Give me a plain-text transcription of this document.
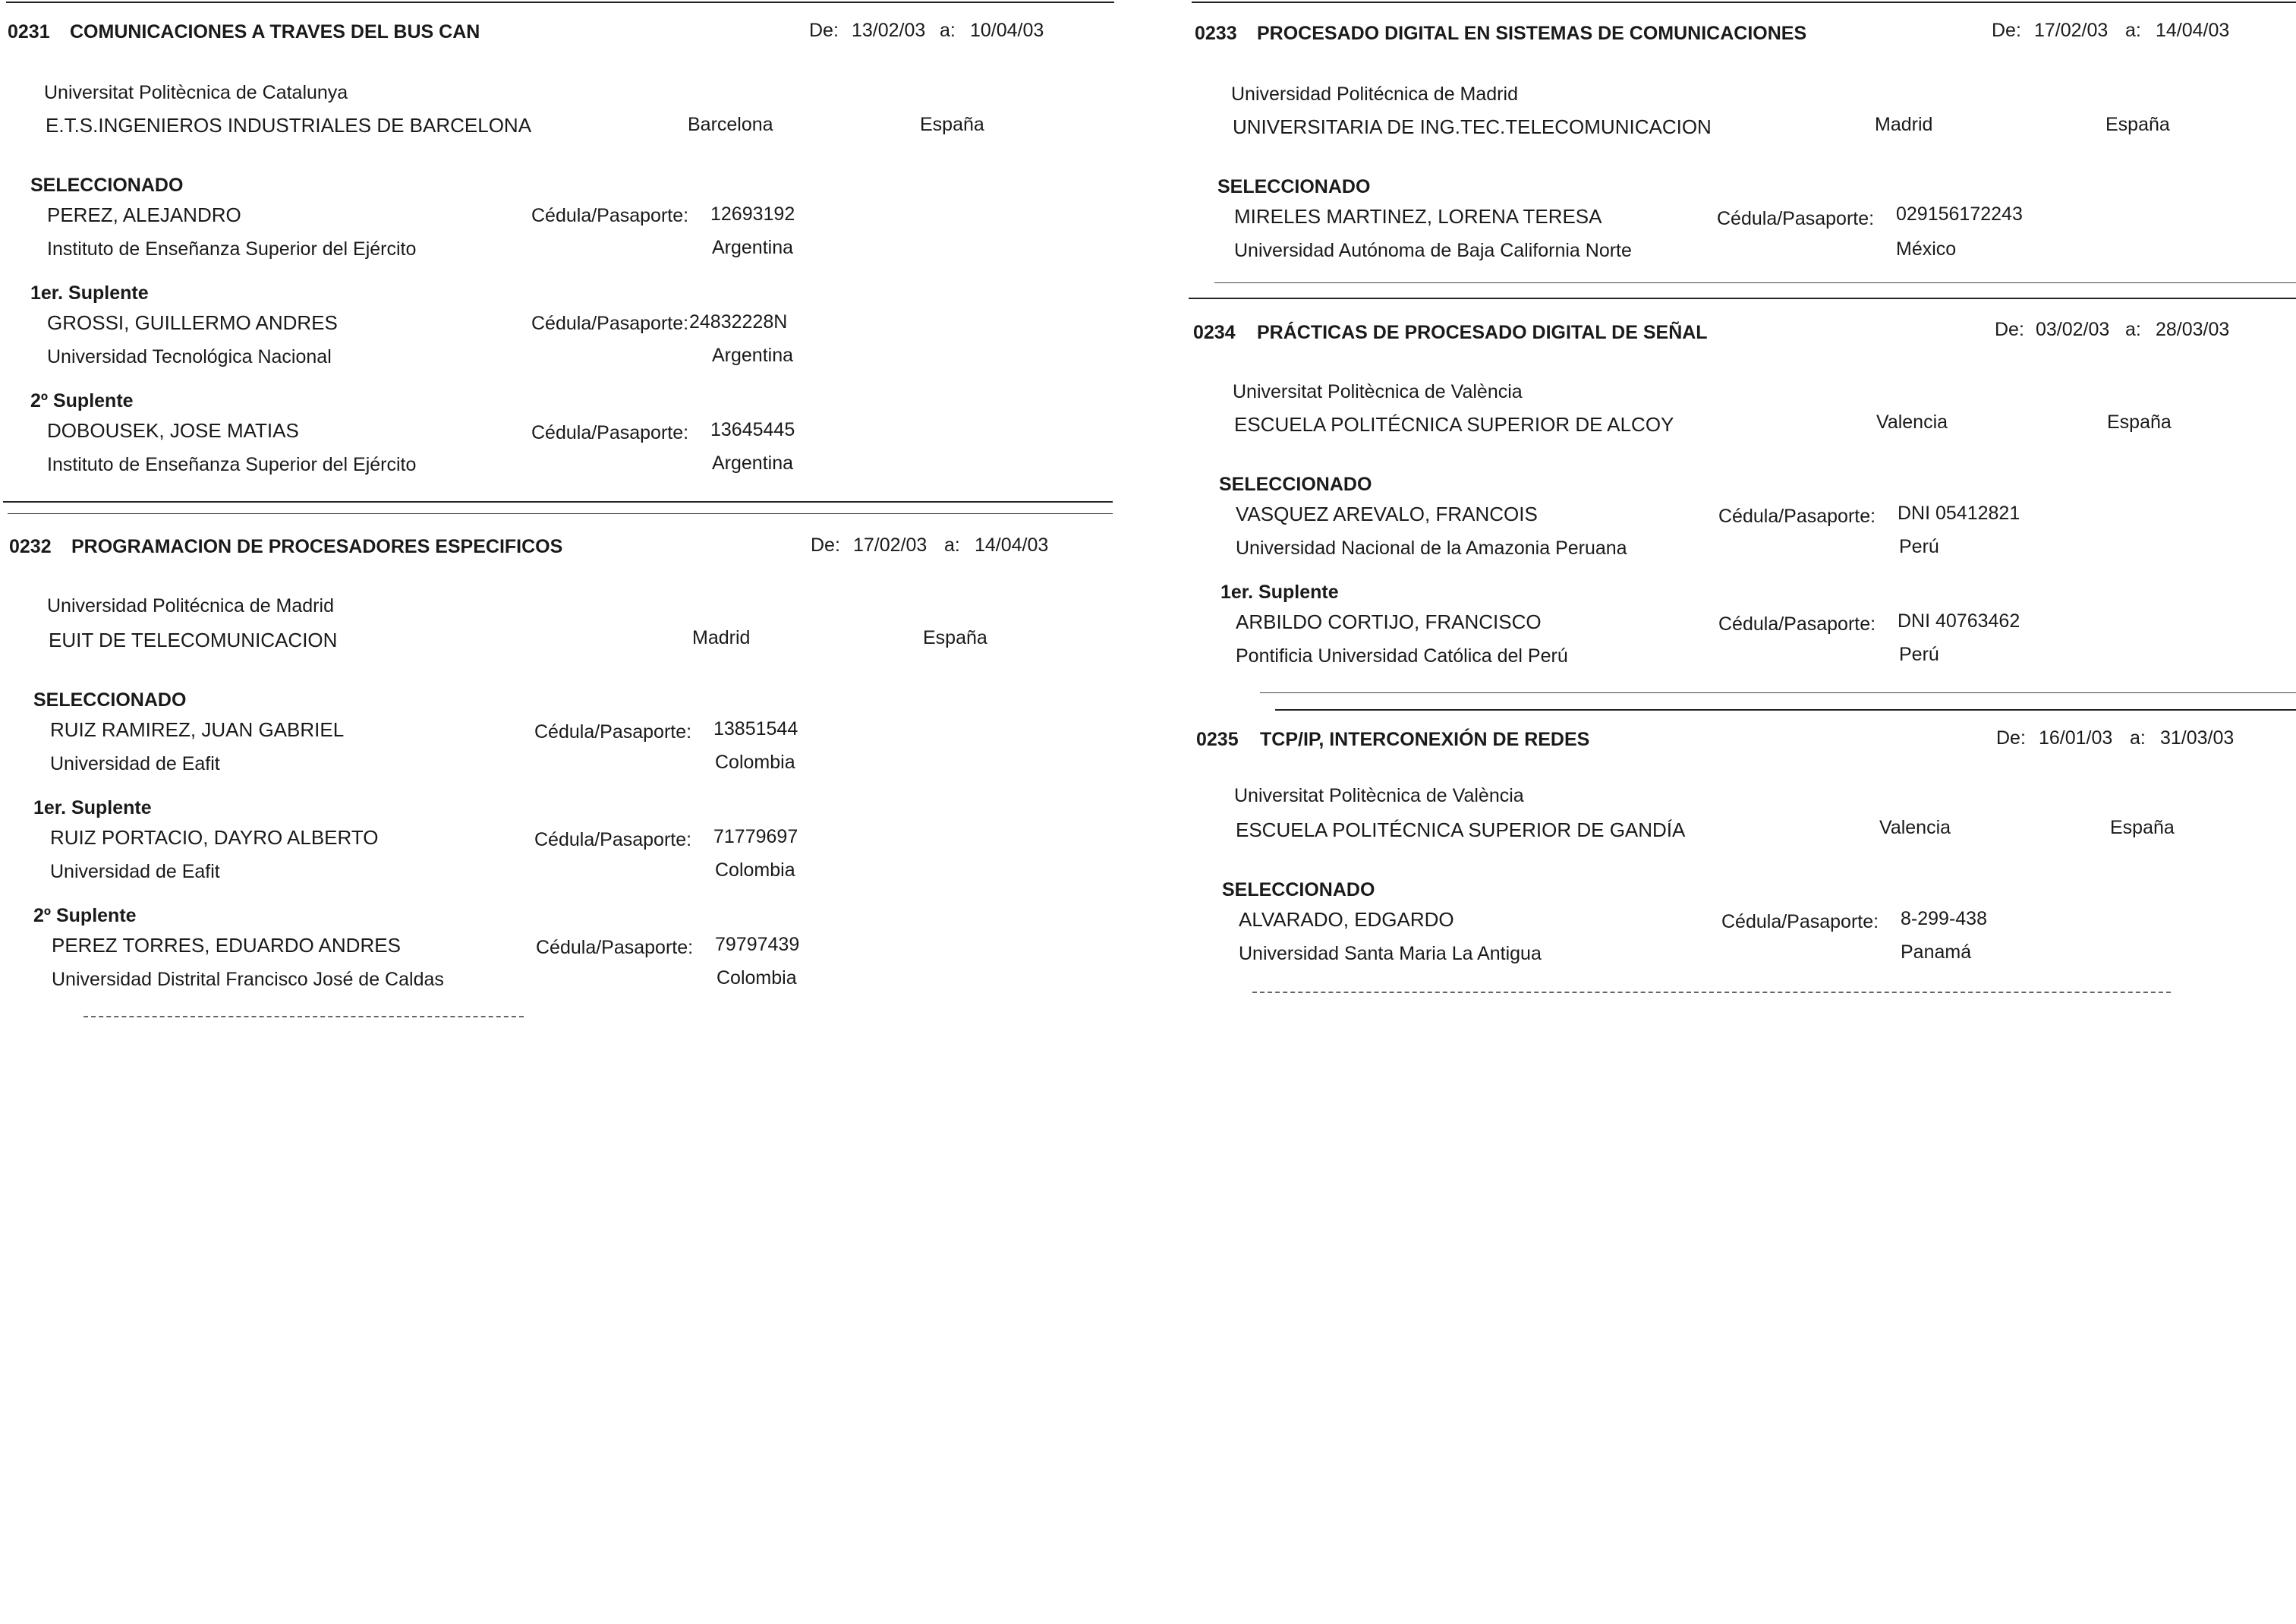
0231 COMUNICACIONES A TRAVES DEL BUS CAN	De: 13/02/03 a: 10/04/03
Universitat Politècnica de Catalunya
E.T.S.INGENIEROS INDUSTRIALES DE BARCELONA	Barcelona	España
SELECCIONADO
PEREZ, ALEJANDRO	Cédula/Pasaporte: 12693192
Instituto de Enseñanza Superior del Ejército	Argentina
1er. Suplente
GROSSI, GUILLERMO ANDRES	Cédula/Pasaporte: 24832228N
Universidad Tecnológica Nacional	Argentina
2º Suplente
DOBOUSEK, JOSE MATIAS	Cédula/Pasaporte: 13645445
Instituto de Enseñanza Superior del Ejército	Argentina
0232 PROGRAMACION DE PROCESADORES ESPECIFICOS	De: 17/02/03 a: 14/04/03
Universidad Politécnica de Madrid
EUIT DE TELECOMUNICACION	Madrid	España
SELECCIONADO
RUIZ RAMIREZ, JUAN GABRIEL	Cédula/Pasaporte: 13851544
Universidad de Eafit	Colombia
1er. Suplente
RUIZ PORTACIO, DAYRO ALBERTO	Cédula/Pasaporte: 71779697
Universidad de Eafit	Colombia
2º Suplente
PEREZ TORRES, EDUARDO ANDRES	Cédula/Pasaporte: 79797439
Universidad Distrital Francisco José de Caldas	Colombia
0233 PROCESADO DIGITAL EN SISTEMAS DE COMUNICACIONES	De: 17/02/03 a: 14/04/03
Universidad Politécnica de Madrid
UNIVERSITARIA DE ING.TEC.TELECOMUNICACION	Madrid	España
SELECCIONADO
MIRELES MARTINEZ, LORENA TERESA	Cédula/Pasaporte: 029156172243
Universidad Autónoma de Baja California Norte	México
0234 PRÁCTICAS DE PROCESADO DIGITAL DE SEÑAL	De: 03/02/03 a: 28/03/03
Universitat Politècnica de València
ESCUELA POLITÉCNICA SUPERIOR DE ALCOY	Valencia	España
SELECCIONADO
VASQUEZ AREVALO, FRANCOIS	Cédula/Pasaporte: DNI 05412821
Universidad Nacional de la Amazonia Peruana	Perú
1er. Suplente
ARBILDO CORTIJO, FRANCISCO	Cédula/Pasaporte: DNI 40763462
Pontificia Universidad Católica del Perú	Perú
0235 TCP/IP, INTERCONEXIÓN DE REDES	De: 16/01/03 a: 31/03/03
Universitat Politècnica de València
ESCUELA POLITÉCNICA SUPERIOR DE GANDÍA	Valencia	España
SELECCIONADO
ALVARADO, EDGARDO	Cédula/Pasaporte: 8-299-438
Universidad Santa Maria La Antigua	Panamá
